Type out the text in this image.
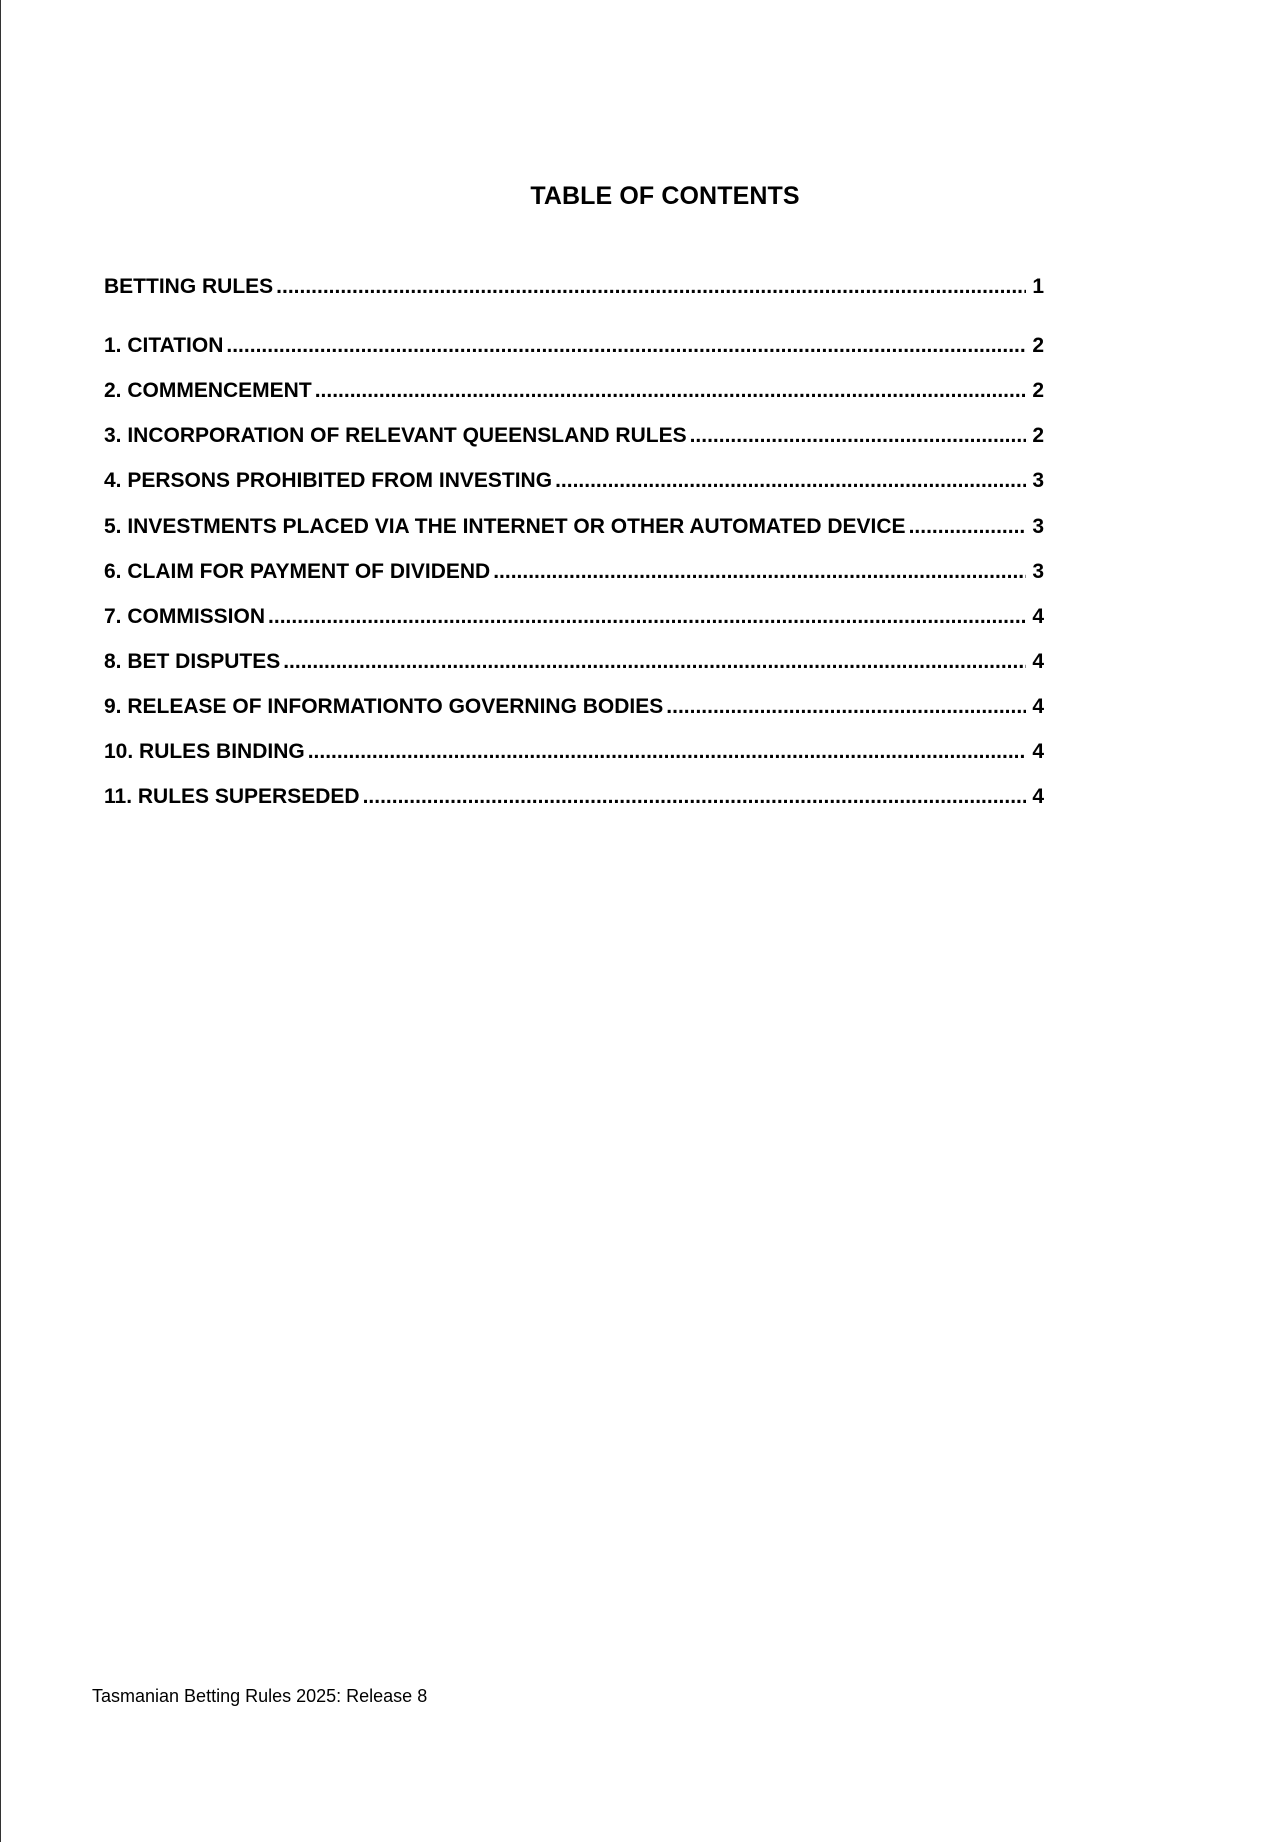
TABLE OF CONTENTS
BETTING RULES .....	1
1. CITATION .....	2
2. COMMENCEMENT .....	2
3. INCORPORATION OF RELEVANT QUEENSLAND RULES .....	2
4. PERSONS PROHIBITED FROM INVESTING .....	3
5. INVESTMENTS PLACED VIA THE INTERNET OR OTHER AUTOMATED DEVICE .....	3
6. CLAIM FOR PAYMENT OF DIVIDEND .....	3
7. COMMISSION .....	4
8. BET DISPUTES .....	4
9. RELEASE OF INFORMATIONTO GOVERNING BODIES .....	4
10. RULES BINDING .....	4
11. RULES SUPERSEDED .....	4

Tasmanian Betting Rules 2025: Release 8
